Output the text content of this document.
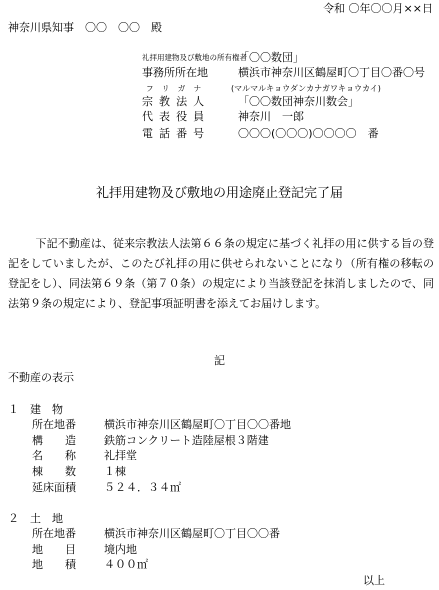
令和 〇年〇〇月××日
神奈川県知事　〇〇　〇〇　殿
礼拝用建物及び敷地の所有権者
「〇〇数団」
事務所所在地	横浜市神奈川区鶴屋町〇丁目〇番〇号
フ リ ガ ナ	(マルマルキョウダンカナガワキョウカイ)
宗教法人	「〇〇数団神奈川数会」
代表役員	神奈川　一郎
電話番号	〇〇〇(〇〇〇)〇〇〇〇　番
礼拝用建物及び敷地の用途廃止登記完了届
下記不動産は、従来宗教法人法第６６条の規定に基づく礼拝の用に供する旨の登記をしていましたが、このたび礼拝の用に供せられないことになり（所有権の移転の登記をし）、同法第６９条（第７０条）の規定により当該登記を抹消しましたので、同法第９条の規定により、登記事項証明書を添えてお届けします。
記
不動産の表示
１　建　物
所在地番	横浜市神奈川区鶴屋町〇丁目〇〇番地
構　　造	鉄筋コンクリート造陸屋根３階建
名　　称	礼拝堂
棟　　数	１棟
延床面積	５２４．３４㎡
２　土　地
所在地番	横浜市神奈川区鶴屋町〇丁目〇〇番
地　　目	境内地
地　　積	４００㎡
以上
